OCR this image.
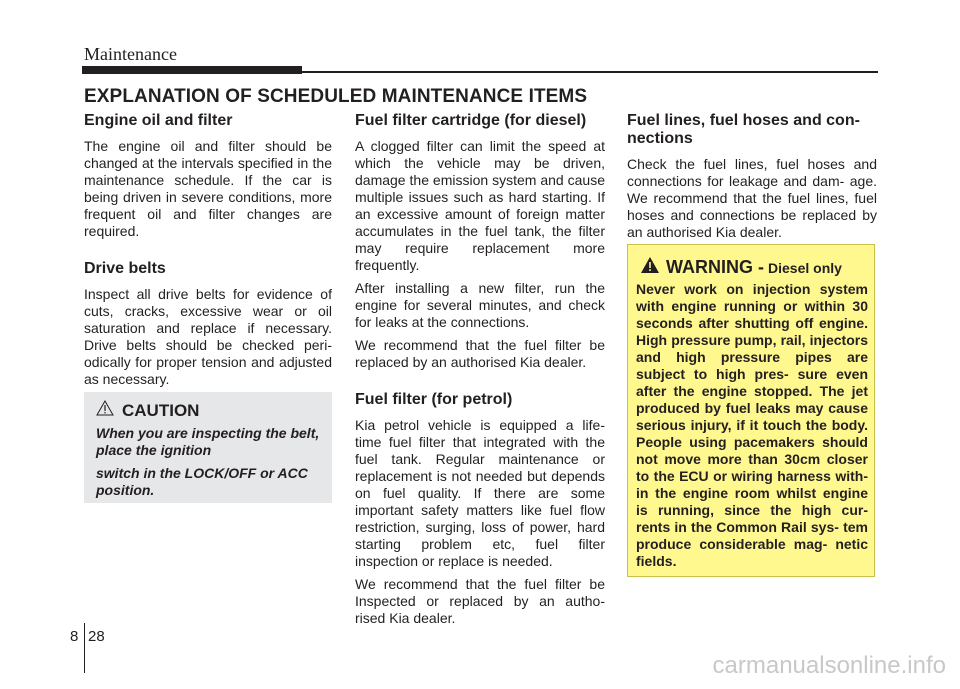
Maintenance
EXPLANATION OF SCHEDULED MAINTENANCE ITEMS
Engine oil and filter

The engine oil and filter should be changed at the intervals specified in the maintenance schedule. If the car is being driven in severe conditions, more frequent oil and filter changes are required.

Drive belts

Inspect all drive belts for evidence of cuts, cracks, excessive wear or oil saturation and replace if necessary. Drive belts should be checked peri- odically for proper tension and adjusted as necessary.

CAUTION

When you are inspecting the belt, place the ignition

switch in the LOCK/OFF or ACC position.

Fuel filter cartridge (for diesel)

A clogged filter can limit the speed at which the vehicle may be driven, damage the emission system and cause multiple issues such as hard starting. If an excessive amount of foreign matter accumulates in the fuel tank, the filter may require replacement more frequently.

After installing a new filter, run the engine for several minutes, and check for leaks at the connections.

We recommend that the fuel filter be replaced by an authorised Kia dealer.

Fuel filter (for petrol)

Kia petrol vehicle is equipped a life- time fuel filter that integrated with the fuel tank. Regular maintenance or replacement is not needed but depends on fuel quality. If there are some important safety matters like fuel flow restriction, surging, loss of power, hard starting problem etc, fuel filter inspection or replace is needed.

We recommend that the fuel filter be Inspected or replaced by an autho- rised Kia dealer.

Fuel lines, fuel hoses and con- nections

Check the fuel lines, fuel hoses and connections for leakage and dam- age. We recommend that the fuel lines, fuel hoses and connections be replaced by an authorised Kia dealer.

WARNING - Diesel only
Never work on injection system with engine running or within 30 seconds after shutting off engine. High pressure pump, rail, injectors and high pressure pipes are subject to high pres- sure even after the engine stopped. The jet produced by fuel leaks may cause serious injury, if it touch the body. People using pacemakers should not move more than 30cm closer to the ECU or wiring harness with- in the engine room whilst engine is running, since the high cur- rents in the Common Rail sys- tem produce considerable mag- netic fields.
8 28
carmanualsonline.info
